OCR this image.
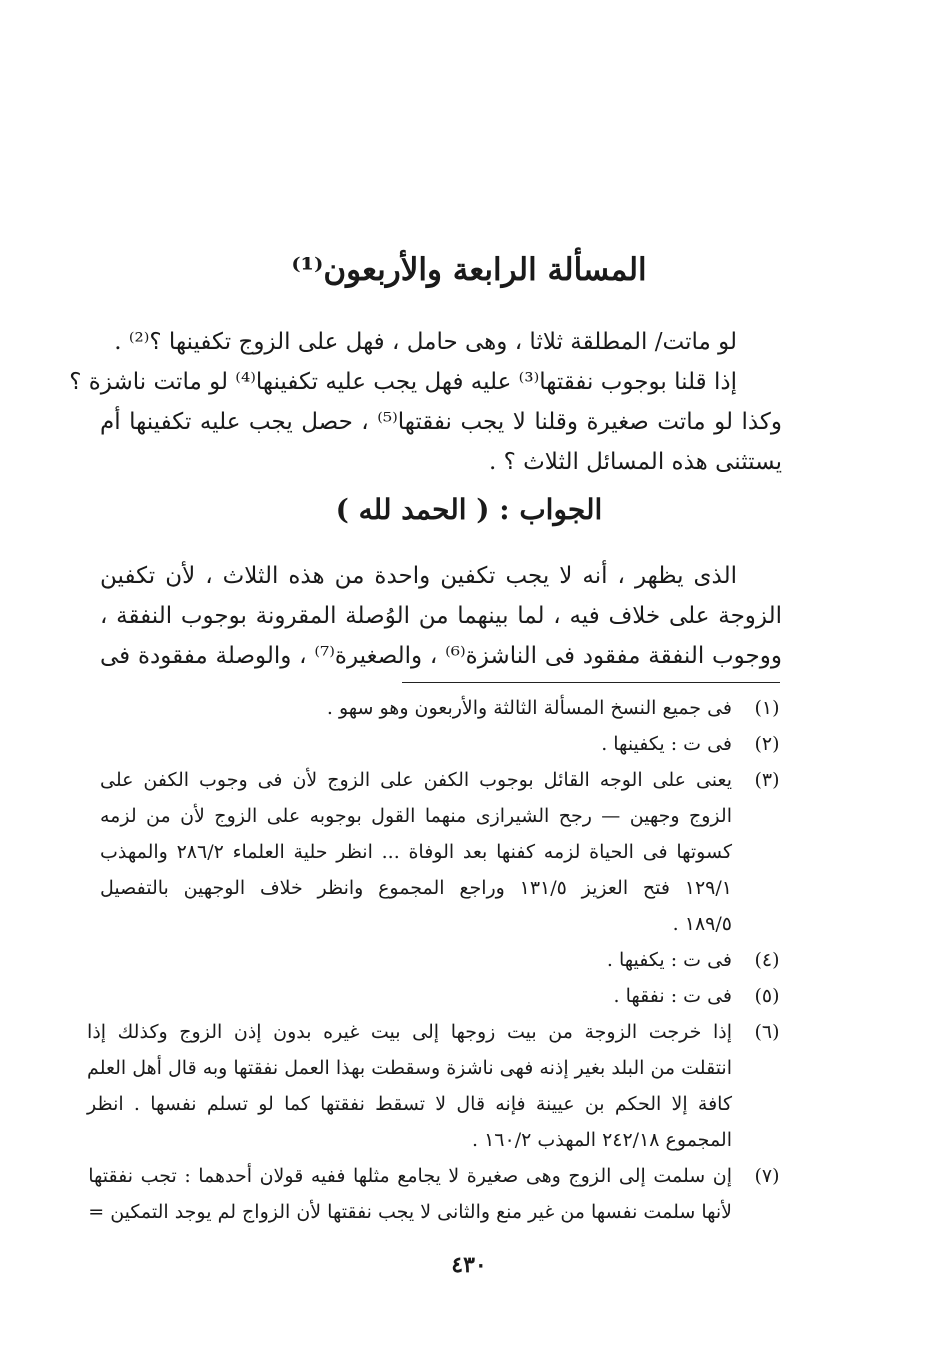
المسألة الرابعة والأربعون⁽¹⁾
لو ماتت/ المطلقة ثلاثا ، وهى حامل ، فهل على الزوج تكفينها ؟⁽²⁾ .
إذا قلنا بوجوب نفقتها⁽³⁾ عليه فهل يجب عليه تكفينها⁽⁴⁾ لو ماتت ناشزة ؟
وكذا لو ماتت صغيرة وقلنا لا يجب نفقتها⁽⁵⁾ ، حصل يجب عليه تكفينها أم
يستثنى هذه المسائل الثلاث ؟ .
الجواب : ( الحمد لله )
الذى يظهر ، أنه لا يجب تكفين واحدة من هذه الثلاث ، لأن تكفين
الزوجة على خلاف فيه ، لما بينهما من الوُصلة المقرونة بوجوب النفقة ،
ووجوب النفقة مفقود فى الناشزة⁽⁶⁾ ، والصغيرة⁽⁷⁾ ، والوصلة مفقودة فى
(١)
فى جميع النسخ المسألة الثالثة والأربعون وهو سهو .
(٢)
فى ت : يكفينها .
(٣)
يعنى على الوجه القائل بوجوب الكفن على الزوج لأن فى وجوب الكفن على
الزوج وجهين — رجح الشيرازى منهما القول بوجوبه على الزوج لأن من لزمه
كسوتها فى الحياة لزمه كفنها بعد الوفاة ... انظر حلية العلماء ٢٨٦/٢ والمهذب
١٢٩/١ فتح العزيز ١٣١/٥ وراجع المجموع وانظر خلاف الوجهين بالتفصيل
١٨٩/٥ .
(٤)
فى ت : يكفيها .
(٥)
فى ت : نفقها .
(٦)
إذا خرجت الزوجة من بيت زوجها إلى بيت غيره بدون إذن الزوج وكذلك إذا
انتقلت من البلد بغير إذنه فهى ناشزة وسقطت بهذا العمل نفقتها وبه قال أهل العلم
كافة إلا الحكم بن عيينة فإنه قال لا تسقط نفقتها كما لو تسلم نفسها . انظر
المجموع ٢٤٢/١٨ المهذب ١٦٠/٢ .
(٧)
إن سلمت إلى الزوج وهى صغيرة لا يجامع مثلها ففيه قولان أحدهما : تجب نفقتها
لأنها سلمت نفسها من غير منع والثانى لا يجب نفقتها لأن الزواج لم يوجد التمكين =
٤٣٠
